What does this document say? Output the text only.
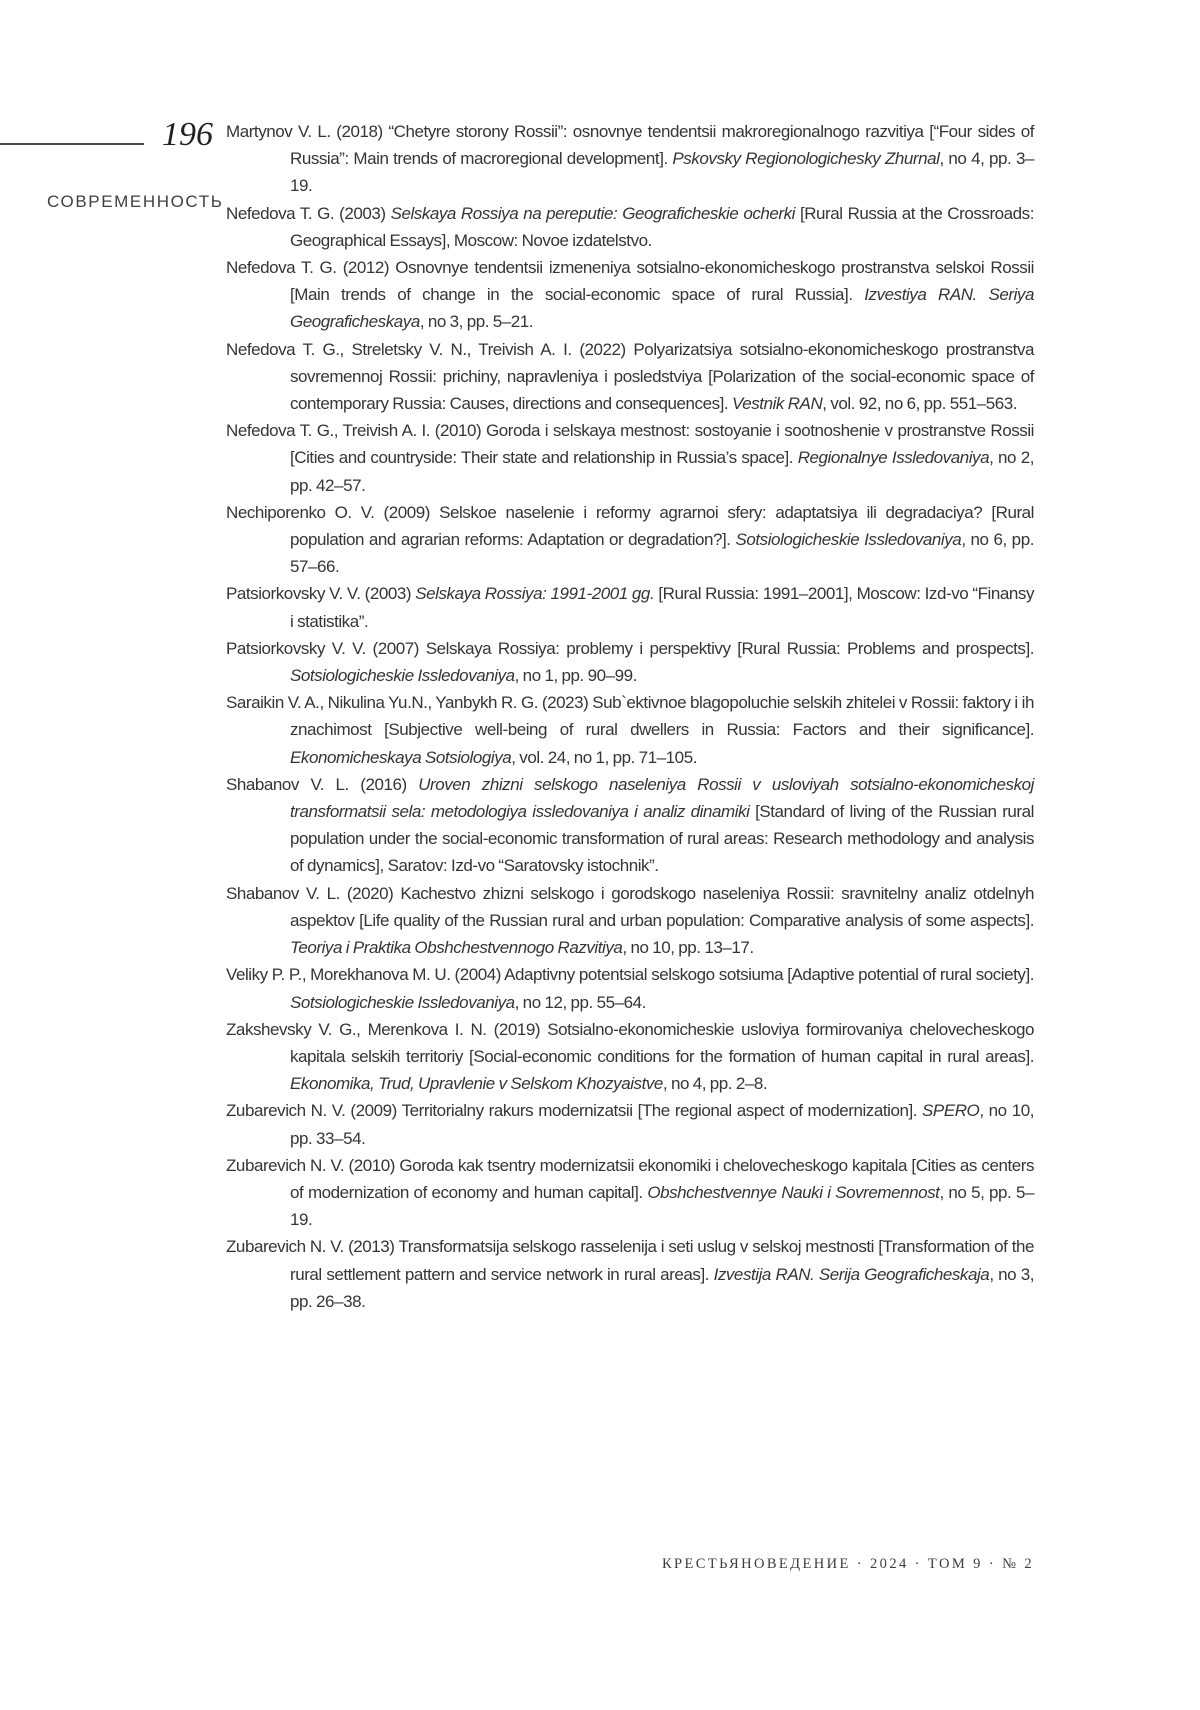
196
СОВРЕМЕННОСТЬ

Martynov V. L. (2018) “Chetyre storony Rossii”: osnovnye tendentsii makroregionalnogo razvitiya [“Four sides of Russia”: Main trends of macroregional development]. Pskovsky Regionologichesky Zhurnal, no 4, pp. 3–19.

Nefedova T. G. (2003) Selskaya Rossiya na pereputie: Geograficheskie ocherki [Rural Russia at the Crossroads: Geographical Essays], Moscow: Novoe izdatelstvo.

Nefedova T. G. (2012) Osnovnye tendentsii izmeneniya sotsialno-ekonomicheskogo prostranstva selskoi Rossii [Main trends of change in the social-economic space of rural Russia]. Izvestiya RAN. Seriya Geograficheskaya, no 3, pp. 5–21.

Nefedova T. G., Streletsky V. N., Treivish A. I. (2022) Polyarizatsiya sotsialno-ekonomicheskogo prostranstva sovremennoj Rossii: prichiny, napravleniya i posledstviya [Polarization of the social-economic space of contemporary Russia: Causes, directions and consequences]. Vestnik RAN, vol. 92, no 6, pp. 551–563.

Nefedova T. G., Treivish A. I. (2010) Goroda i selskaya mestnost: sostoyanie i sootnoshenie v prostranstve Rossii [Cities and countryside: Their state and relationship in Russia’s space]. Regionalnye Issledovaniya, no 2, pp. 42–57.

Nechiporenko O. V. (2009) Selskoe naselenie i reformy agrarnoi sfery: adaptatsiya ili degradaciya? [Rural population and agrarian reforms: Adaptation or degradation?]. Sotsiologicheskie Issledovaniya, no 6, pp. 57–66.

Patsiorkovsky V. V. (2003) Selskaya Rossiya: 1991-2001 gg. [Rural Russia: 1991–2001], Moscow: Izd-vo “Finansy i statistika”.

Patsiorkovsky V. V. (2007) Selskaya Rossiya: problemy i perspektivy [Rural Russia: Problems and prospects]. Sotsiologicheskie Issledovaniya, no 1, pp. 90–99.

Saraikin V. A., Nikulina Yu.N., Yanbykh R. G. (2023) Sub`ektivnoe blagopoluchie selskih zhitelei v Rossii: faktory i ih znachimost [Subjective well-being of rural dwellers in Russia: Factors and their significance]. Ekonomicheskaya Sotsiologiya, vol. 24, no 1, pp. 71–105.

Shabanov V. L. (2016) Uroven zhizni selskogo naseleniya Rossii v usloviyah sotsialno-ekonomicheskoj transformatsii sela: metodologiya issledovaniya i analiz dinamiki [Standard of living of the Russian rural population under the social-economic transformation of rural areas: Research methodology and analysis of dynamics], Saratov: Izd-vo “Saratovsky istochnik”.

Shabanov V. L. (2020) Kachestvo zhizni selskogo i gorodskogo naseleniya Rossii: sravnitelny analiz otdelnyh aspektov [Life quality of the Russian rural and urban population: Comparative analysis of some aspects]. Teoriya i Praktika Obshchestvennogo Razvitiya, no 10, pp. 13–17.

Veliky P. P., Morekhanova M. U. (2004) Adaptivny potentsial selskogo sotsiuma [Adaptive potential of rural society]. Sotsiologicheskie Issledovaniya, no 12, pp. 55–64.

Zakshevsky V. G., Merenkova I. N. (2019) Sotsialno-ekonomicheskie usloviya formirovaniya chelovecheskogo kapitala selskih territoriy [Social-economic conditions for the formation of human capital in rural areas]. Ekonomika, Trud, Upravlenie v Selskom Khozyaistve, no 4, pp. 2–8.

Zubarevich N. V. (2009) Territorialny rakurs modernizatsii [The regional aspect of modernization]. SPERO, no 10, pp. 33–54.

Zubarevich N. V. (2010) Goroda kak tsentry modernizatsii ekonomiki i chelovecheskogo kapitala [Cities as centers of modernization of economy and human capital]. Obshchestvennye Nauki i Sovremennost, no 5, pp. 5–19.

Zubarevich N. V. (2013) Transformatsija selskogo rasselenija i seti uslug v selskoj mestnosti [Transformation of the rural settlement pattern and service network in rural areas]. Izvestija RAN. Serija Geograficheskaja, no 3, pp. 26–38.

КРЕСТЬЯНОВЕДЕНИЕ · 2024 · ТОМ 9 · № 2
